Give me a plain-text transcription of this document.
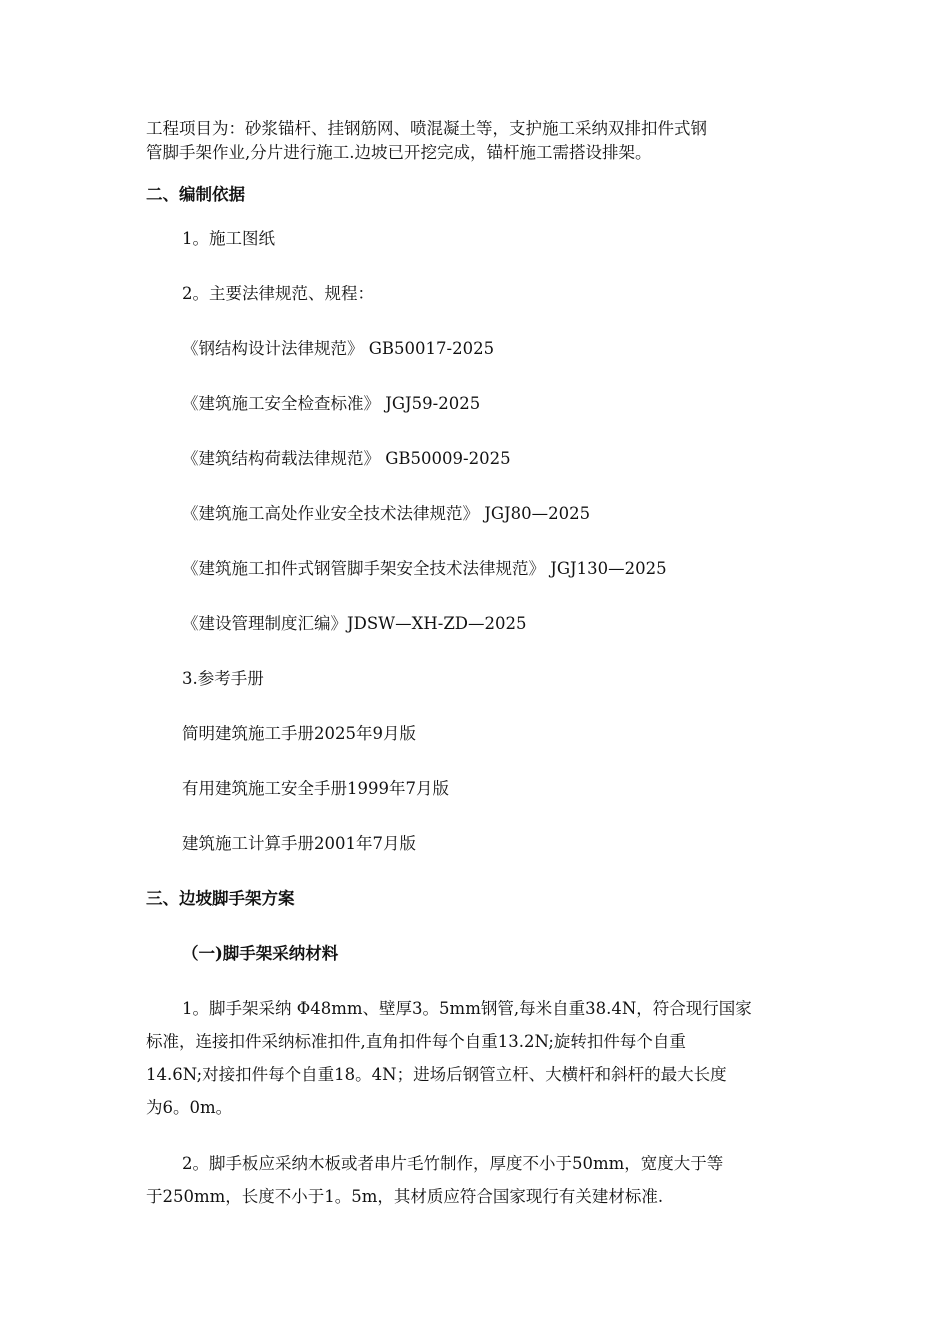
工程项目为：砂浆锚杆、挂钢筋网、喷混凝土等，支护施工采纳双排扣件式钢
管脚手架作业,分片进行施工.边坡已开挖完成，锚杆施工需搭设排架。
二、编制依据
1。施工图纸
2。主要法律规范、规程：
《钢结构设计法律规范》 GB50017-2025
《建筑施工安全检查标准》 JGJ59-2025
《建筑结构荷载法律规范》 GB50009-2025
《建筑施工高处作业安全技术法律规范》 JGJ80—2025
《建筑施工扣件式钢管脚手架安全技术法律规范》 JGJ130—2025
《建设管理制度汇编》JDSW—XH-ZD—2025
3.参考手册
简明建筑施工手册2025年9月版
有用建筑施工安全手册1999年7月版
建筑施工计算手册2001年7月版
三、边坡脚手架方案
（一)脚手架采纳材料
1。脚手架采纳 Φ48mm、壁厚3。5mm钢管,每米自重38.4N，符合现行国家
标准，连接扣件采纳标准扣件,直角扣件每个自重13.2N;旋转扣件每个自重
14.6N;对接扣件每个自重18。4N；进场后钢管立杆、大横杆和斜杆的最大长度
为6。0m。
2。脚手板应采纳木板或者串片毛竹制作，厚度不小于50mm，宽度大于等
于250mm，长度不小于1。5m，其材质应符合国家现行有关建材标准.
